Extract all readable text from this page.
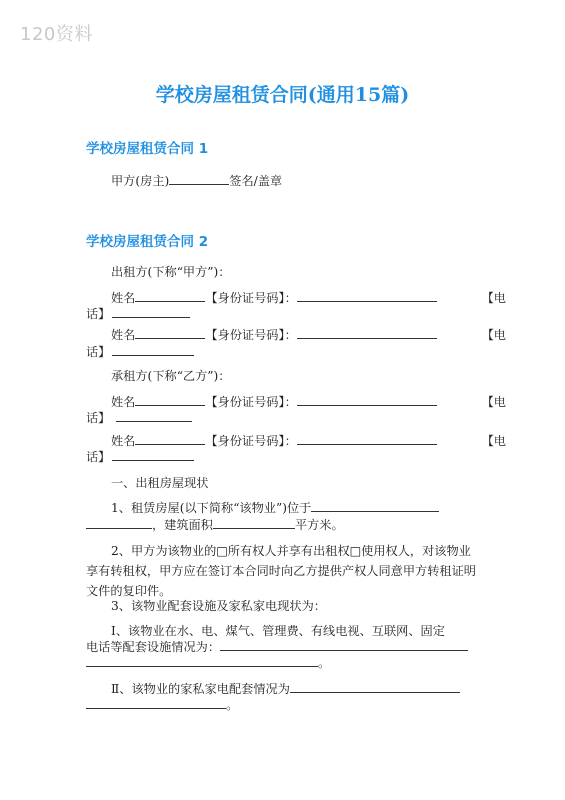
120资料
学校房屋租赁合同(通用15篇)
学校房屋租赁合同 1
甲方(房主)	签名/盖章
学校房屋租赁合同 2
出租方(下称“甲方”)：
姓名	【身份证号码】：	【电
话】
姓名	【身份证号码】：	【电
话】
承租方(下称“乙方”)：
姓名	【身份证号码】：	【电
话】
姓名	【身份证号码】：	【电
话】
一、出租房屋现状
1、租赁房屋(以下简称“该物业”)位于
，建筑面积	平方米。
2、甲方为该物业的□所有权人并享有出租权□使用权人，对该物业享有转租权，甲方应在签订本合同时向乙方提供产权人同意甲方转租证明文件的复印件。
3、该物业配套设施及家私家电现状为：
Ⅰ、该物业在水、电、煤气、管理费、有线电视、互联网、固定
电话等配套设施情况为：
。
Ⅱ、该物业的家私家电配套情况为
。
